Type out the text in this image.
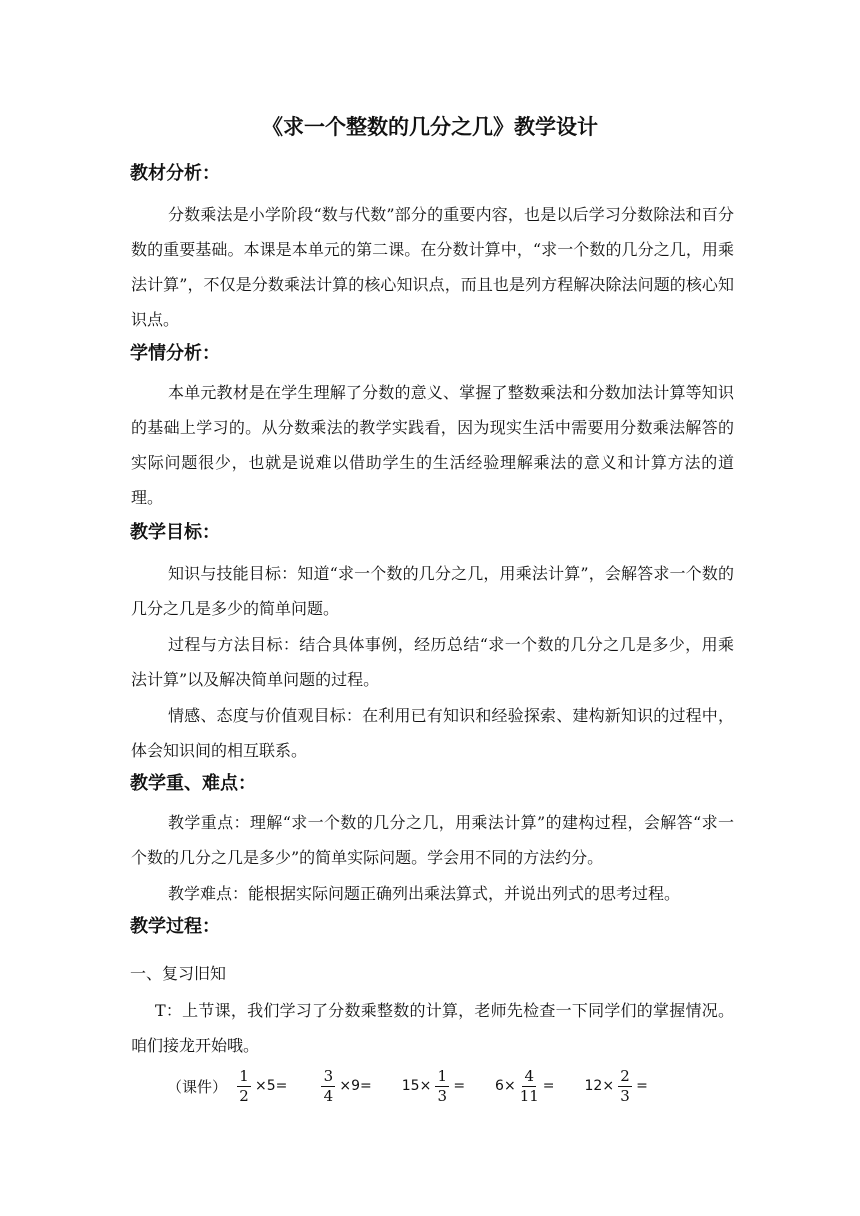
《求一个整数的几分之几》教学设计
教材分析：

分数乘法是小学阶段“数与代数”部分的重要内容，也是以后学习分数除法和百分数的重要基础。本课是本单元的第二课。在分数计算中，“求一个数的几分之几，用乘法计算”，不仅是分数乘法计算的核心知识点，而且也是列方程解决除法问题的核心知识点。

学情分析：

本单元教材是在学生理解了分数的意义、掌握了整数乘法和分数加法计算等知识的基础上学习的。从分数乘法的教学实践看，因为现实生活中需要用分数乘法解答的实际问题很少，也就是说难以借助学生的生活经验理解乘法的意义和计算方法的道理。

教学目标：

知识与技能目标：知道“求一个数的几分之几，用乘法计算”，会解答求一个数的几分之几是多少的简单问题。

过程与方法目标：结合具体事例，经历总结“求一个数的几分之几是多少，用乘法计算”以及解决简单问题的过程。

情感、态度与价值观目标：在利用已有知识和经验探索、建构新知识的过程中，体会知识间的相互联系。

教学重、难点：

教学重点：理解“求一个数的几分之几，用乘法计算”的建构过程，会解答“求一个数的几分之几是多少”的简单实际问题。学会用不同的方法约分。

教学难点：能根据实际问题正确列出乘法算式，并说出列式的思考过程。

教学过程：

一、复习旧知

T：上节课，我们学习了分数乘整数的计算，老师先检查一下同学们的掌握情况。咱们接龙开始哦。

（课件） $\frac{1}{2} \times 5= \frac{3}{4} \times 9= 15\times \frac{1}{3} = 6\times \frac{4}{11} = 12\times \frac{2}{3}$ =
